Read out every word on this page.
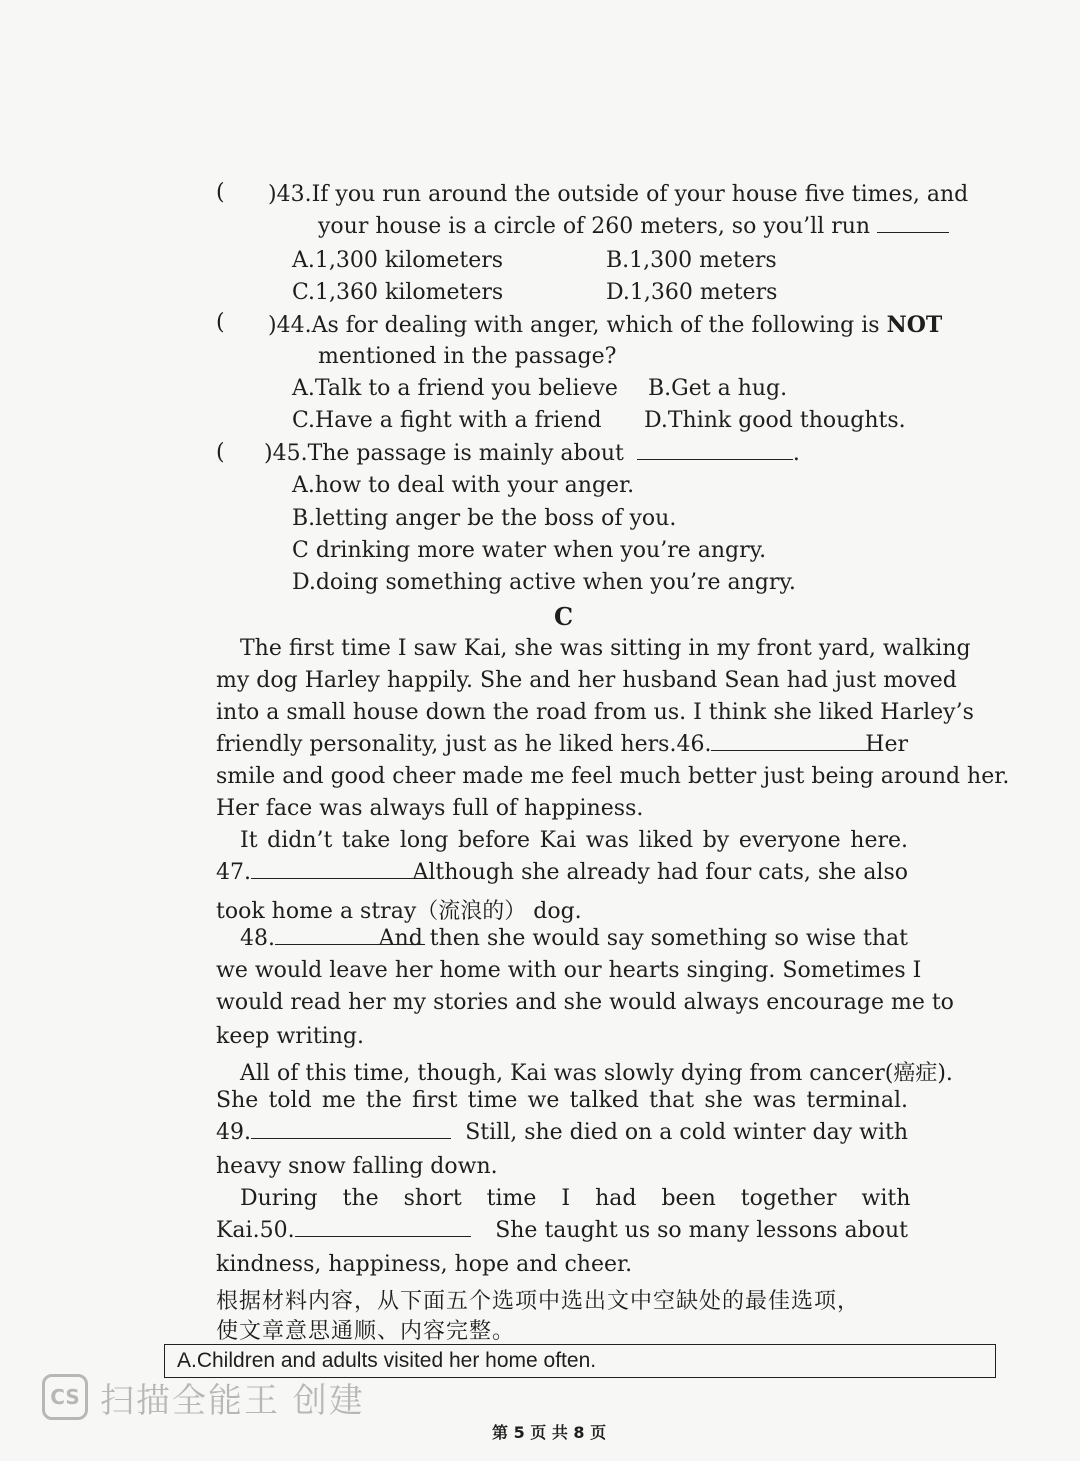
( )43.If you run around the outside of your house five times, and
your house is a circle of 260 meters, so you’ll run
A.1,300 kilometers	B.1,300 meters
C.1,360 kilometers	D.1,360 meters
( )44.As for dealing with anger, which of the following is NOT
mentioned in the passage?
A.Talk to a friend you believe B.Get a hug.
C.Have a fight with a friend D.Think good thoughts.
( )45.The passage is mainly about	.
A.how to deal with your anger.
B.letting anger be the boss of you.
C drinking more water when you’re angry.
D.doing something active when you’re angry.
C
The first time I saw Kai, she was sitting in my front yard, walking
my dog Harley happily. She and her husband Sean had just moved
into a small house down the road from us. I think she liked Harley’s
friendly personality, just as he liked hers.46.	Her
smile and good cheer made me feel much better just being around her.
Her face was always full of happiness.
It didn’t take long before Kai was liked by everyone here.
47.	Although she already had four cats, she also
took home a stray（流浪的） dog.
48.	And then she would say something so wise that
we would leave her home with our hearts singing. Sometimes I
would read her my stories and she would always encourage me to
keep writing.
All of this time, though, Kai was slowly dying from cancer(癌症).
She told me the first time we talked that she was terminal.
49.	Still, she died on a cold winter day with
heavy snow falling down.
During the short time I had been together with
Kai.50.	She taught us so many lessons about
kindness, happiness, hope and cheer.
根据材料内容，从下面五个选项中选出文中空缺处的最佳选项，
使文章意思通顺、内容完整。
A.Children and adults visited her home often.
CS 扫描全能王 创建
第 5 页 共 8 页
